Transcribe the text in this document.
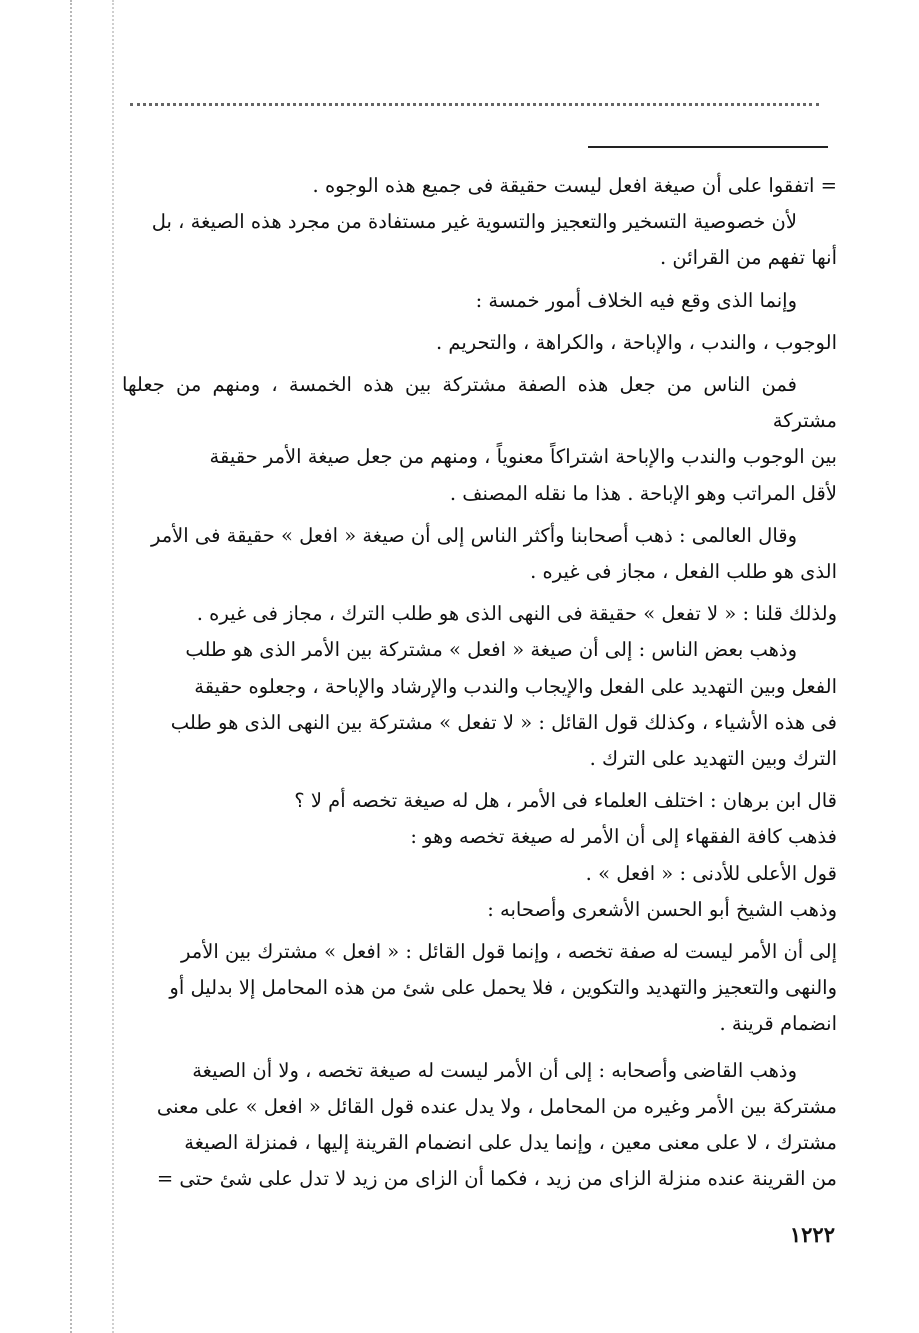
= اتفقوا على أن صيغة افعل ليست حقيقة فى جميع هذه الوجوه .

لأن خصوصية التسخير والتعجيز والتسوية غير مستفادة من مجرد هذه الصيغة ، بل

أنها تفهم من القرائن .

وإنما الذى وقع فيه الخلاف أمور خمسة :

الوجوب ، والندب ، والإباحة ، والكراهة ، والتحريم .

فمن الناس من جعل هذه الصفة مشتركة بين هذه الخمسة ، ومنهم من جعلها مشتركة

بين الوجوب والندب والإباحة اشتراكاً معنوياً ، ومنهم من جعل صيغة الأمر حقيقة

لأقل المراتب وهو الإباحة . هذا ما نقله المصنف .

وقال العالمى : ذهب أصحابنا وأكثر الناس إلى أن صيغة « افعل » حقيقة فى الأمر

الذى هو طلب الفعل ، مجاز فى غيره .

ولذلك قلنا : « لا تفعل » حقيقة فى النهى الذى هو طلب الترك ، مجاز فى غيره .

وذهب بعض الناس : إلى أن صيغة « افعل » مشتركة بين الأمر الذى هو طلب

الفعل وبين التهديد على الفعل والإيجاب والندب والإرشاد والإباحة ، وجعلوه حقيقة

فى هذه الأشياء ، وكذلك قول القائل : « لا تفعل » مشتركة بين النهى الذى هو طلب

الترك وبين التهديد على الترك .

قال ابن برهان : اختلف العلماء فى الأمر ، هل له صيغة تخصه أم لا ؟

فذهب كافة الفقهاء إلى أن الأمر له صيغة تخصه وهو :

قول الأعلى للأدنى : « افعل » .

وذهب الشيخ أبو الحسن الأشعرى وأصحابه :

إلى أن الأمر ليست له صفة تخصه ، وإنما قول القائل : « افعل » مشترك بين الأمر

والنهى والتعجيز والتهديد والتكوين ، فلا يحمل على شئ من هذه المحامل إلا بدليل أو

انضمام قرينة .

وذهب القاضى وأصحابه : إلى أن الأمر ليست له صيغة تخصه ، ولا أن الصيغة

مشتركة بين الأمر وغيره من المحامل ، ولا يدل عنده قول القائل « افعل » على معنى

مشترك ، لا على معنى معين ، وإنما يدل على انضمام القرينة إليها ، فمنزلة الصيغة

من القرينة عنده منزلة الزاى من زيد ، فكما أن الزاى من زيد لا تدل على شئ حتى =

١٢٢٢
